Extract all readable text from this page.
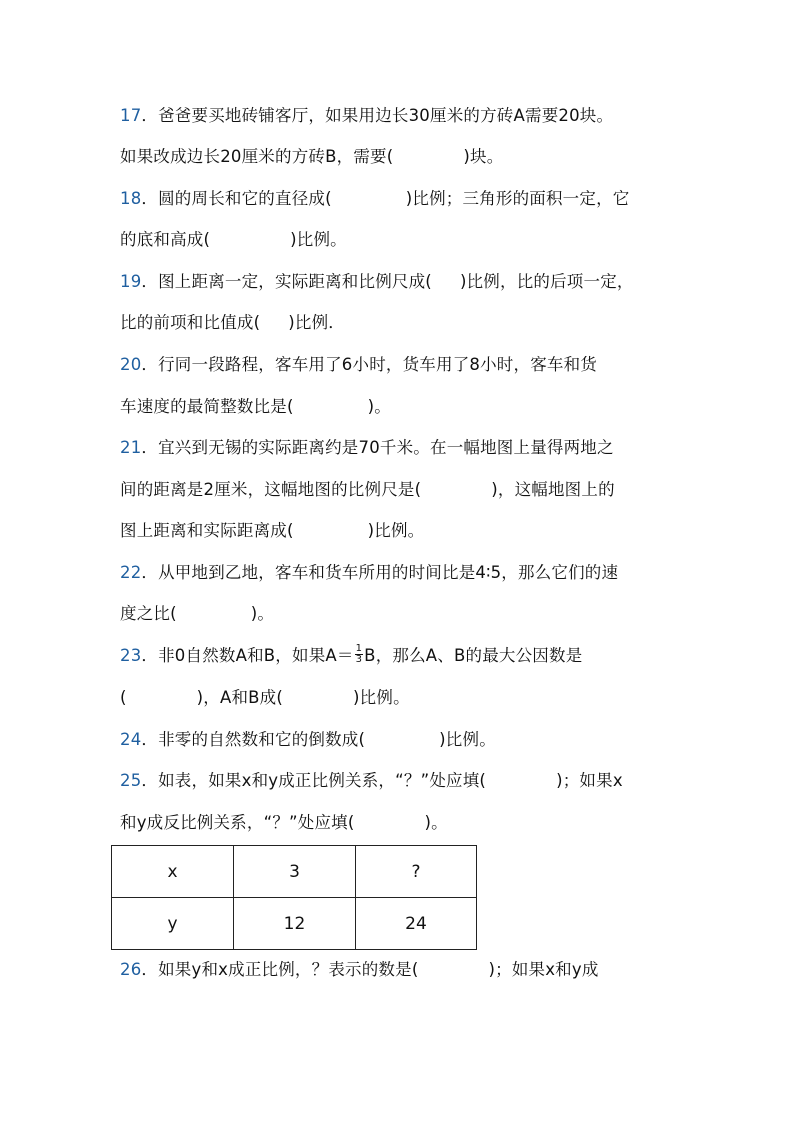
17．爸爸要买地砖铺客厅，如果用边长30厘米的方砖A需要20块。
如果改成边长20厘米的方砖B，需要(	)块。
18．圆的周长和它的直径成(	)比例；三角形的面积一定，它
的底和高成(	)比例。
19．图上距离一定，实际距离和比例尺成( )比例，比的后项一定，
比的前项和比值成( )比例．
20．行同一段路程，客车用了6小时，货车用了8小时，客车和货
车速度的最简整数比是(	)。
21．宜兴到无锡的实际距离约是70千米。在一幅地图上量得两地之
间的距离是2厘米，这幅地图的比例尺是(	)，这幅地图上的
图上距离和实际距离成(	)比例。
22．从甲地到乙地，客车和货车所用的时间比是4∶5，那么它们的速
度之比(	)。
23．非0自然数A和B，如果$A= \frac{1}{3}$ B，那么A、B的最大公因数是
(	)，A和B成(	)比例。
24．非零的自然数和它的倒数成(	)比例。
25．如表，如果x和y成正比例关系，“？”处应填(	)；如果x
和y成反比例关系，“？”处应填(	)。
x	3	?
y	12	24
26．如果y和x成正比例，？表示的数是(	)；如果x和y成
